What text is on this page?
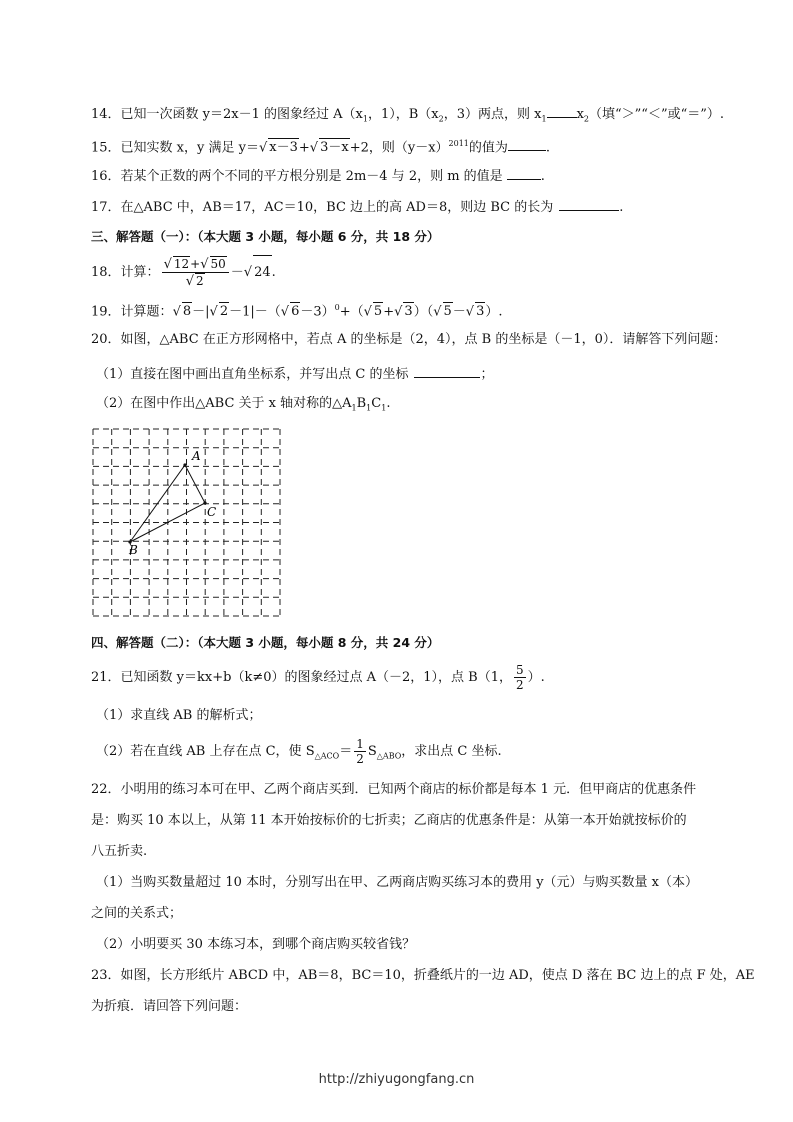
14．已知一次函数 y＝2x－1 的图象经过 $A(x_1$，1），$B(x_2$，3）两点，则 $x_1$ $x_2$（填“＞”“＜”或“＝”）.
15．已知实数 x，y 满足 y＝√ x－3+√ 3－x+2，则$(y-x)^{2011}$的值为	.
16．若某个正数的两个不同的平方根分别是 2m－4 与 2，则 m 的值是	.
17．在△ABC 中，AB＝17，AC＝10，BC 边上的高 AD＝8，则边 BC 的长为	.
三、解答题（一）：（本大题 3 小题，每小题 6 分，共 18 分）
18．计算： $\frac{√ 12+√ 50}{√ 2}$ －√ 24.
19．计算题：√ 8－|√ 2－1|－（√ 6－3）$^0$+（√ 5+√ 3）（√ 5－√ 3）.
20．如图，△ABC 在正方形网格中，若点 A 的坐标是（2，4），点 B 的坐标是（－1，0）．请解答下列问题：
（1）直接在图中画出直角坐标系，并写出点 C 的坐标	；
（2）在图中作出△ABC 关于 x 轴对称的$\triangle A_1B_1C_1$.
A
C
B
四、解答题（二）：（本大题 3 小题，每小题 8 分，共 24 分）
21．已知函数 y＝kx+b（k≠0）的图象经过点 A（－2，1），点 B（1， $\frac{5}{2}$ ）.
（1）求直线 AB 的解析式；
（2）若在直线 AB 上存在点 C，使 $S_{\triangle ACO}= \frac{1}{2} S_{\triangle ABO}$，求出点 C 坐标.
22．小明用的练习本可在甲、乙两个商店买到．已知两个商店的标价都是每本 1 元．但甲商店的优惠条件
是：购买 10 本以上，从第 11 本开始按标价的七折卖；乙商店的优惠条件是：从第一本开始就按标价的
八五折卖.
（1）当购买数量超过 10 本时，分别写出在甲、乙两商店购买练习本的费用 y（元）与购买数量 x（本）
之间的关系式；
（2）小明要买 30 本练习本，到哪个商店购买较省钱？
23．如图，长方形纸片 ABCD 中，AB＝8，BC＝10，折叠纸片的一边 AD，使点 D 落在 BC 边上的点 F 处，AE
为折痕．请回答下列问题：
http://zhiyugongfang.cn
